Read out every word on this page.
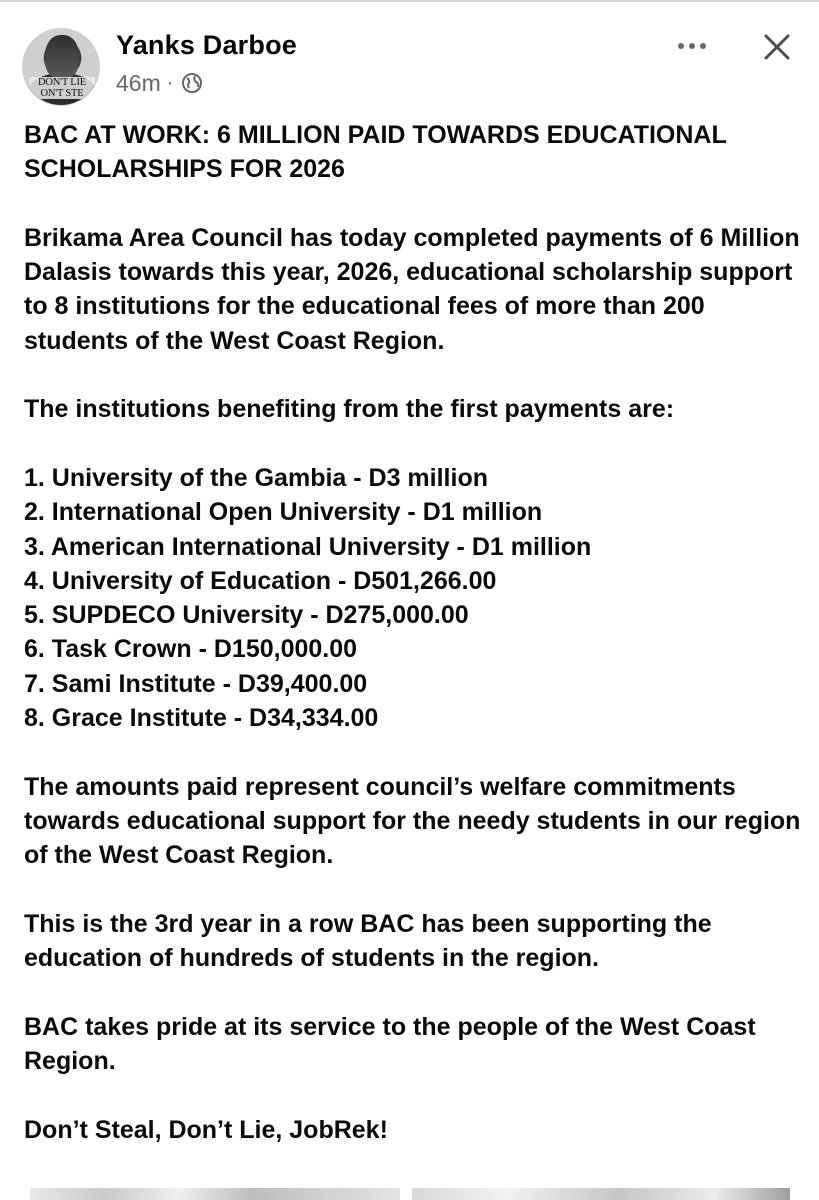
DON'T LIE
ON'T STE
Yanks Darboe
46m ·

BAC AT WORK: 6 MILLION PAID TOWARDS EDUCATIONAL SCHOLARSHIPS FOR 2026

Brikama Area Council has today completed payments of 6 Million Dalasis towards this year, 2026, educational scholarship support to 8 institutions for the educational fees of more than 200 students of the West Coast Region.

The institutions benefiting from the first payments are:

1. University of the Gambia - D3 million
2. International Open University - D1 million
3. American International University - D1 million
4. University of Education - D501,266.00
5. SUPDECO University - D275,000.00
6. Task Crown - D150,000.00
7. Sami Institute - D39,400.00
8. Grace Institute - D34,334.00

The amounts paid represent council’s welfare commitments towards educational support for the needy students in our region of the West Coast Region.

This is the 3rd year in a row BAC has been supporting the education of hundreds of students in the region.

BAC takes pride at its service to the people of the West Coast Region.

Don’t Steal, Don’t Lie, JobRek!
